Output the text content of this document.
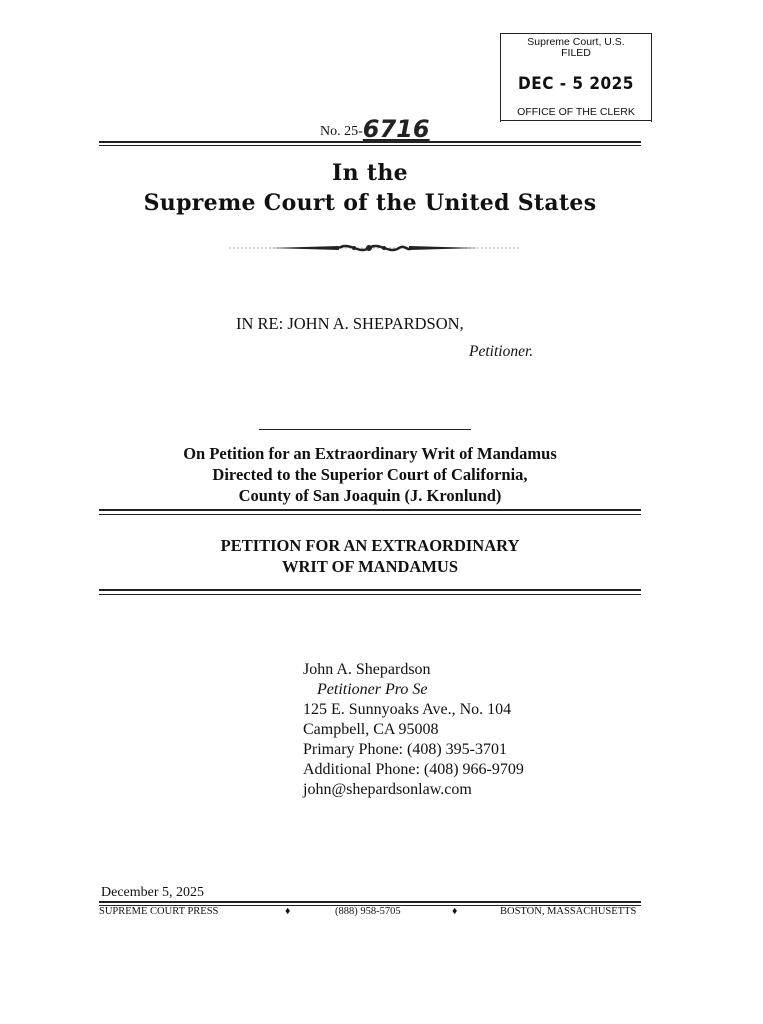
Supreme Court, U.S.
FILED
DEC - 5 2025
OFFICE OF THE CLERK
No. 25-6716
In the
Supreme Court of the United States
IN RE: JOHN A. SHEPARDSON,
Petitioner.
On Petition for an Extraordinary Writ of Mandamus
Directed to the Superior Court of California,
County of San Joaquin (J. Kronlund)
PETITION FOR AN EXTRAORDINARY
WRIT OF MANDAMUS
John A. Shepardson
Petitioner Pro Se
125 E. Sunnyoaks Ave., No. 104
Campbell, CA 95008
Primary Phone: (408) 395-3701
Additional Phone: (408) 966-9709
john@shepardsonlaw.com
December 5, 2025
SUPREME COURT PRESS	♦	(888) 958-5705	♦	BOSTON, MASSACHUSETTS
